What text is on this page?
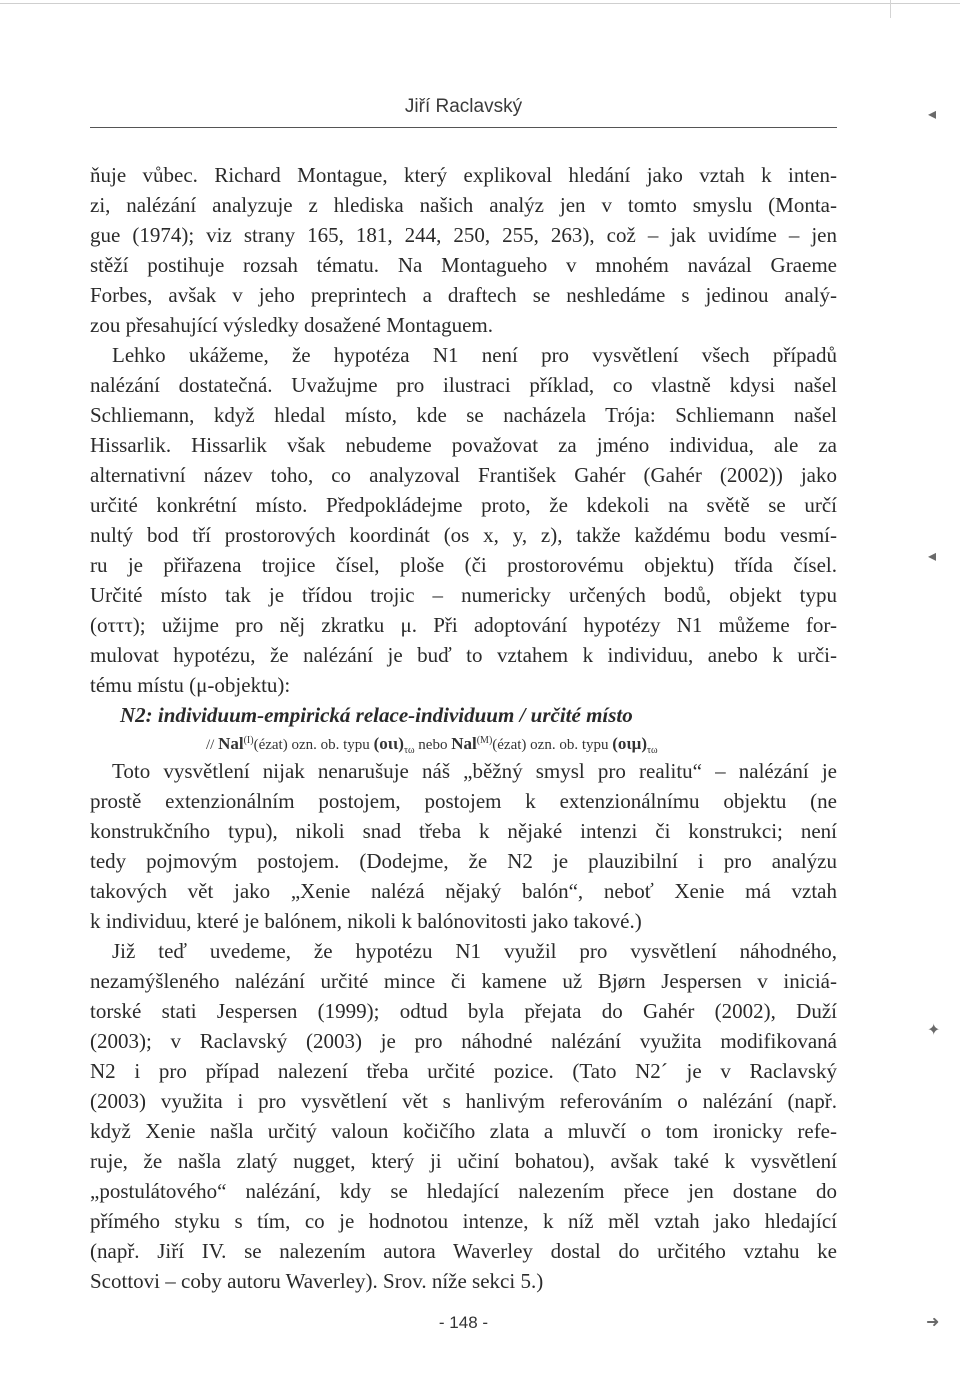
Jiří Raclavský
ňuje vůbec. Richard Montague, který explikoval hledání jako vztah k inten-
zi, nalézání analyzuje z hlediska našich analýz jen v tomto smyslu (Monta-
gue (1974); viz strany 165, 181, 244, 250, 255, 263), což – jak uvidíme – jen
stěží postihuje rozsah tématu. Na Montagueho v mnohém navázal Graeme
Forbes, avšak v jeho preprintech a draftech se neshledáme s jedinou analý-
zou přesahující výsledky dosažené Montaguem.
Lehko ukážeme, že hypotéza N1 není pro vysvětlení všech případů
nalézání dostatečná. Uvažujme pro ilustraci příklad, co vlastně kdysi našel
Schliemann, když hledal místo, kde se nacházela Trója: Schliemann našel
Hissarlik. Hissarlik však nebudeme považovat za jméno individua, ale za
alternativní název toho, co analyzoval František Gahér (Gahér (2002)) jako
určité konkrétní místo. Předpokládejme proto, že kdekoli na světě se určí
nultý bod tří prostorových koordinát (os x, y, z), takže každému bodu vesmí-
ru je přiřazena trojice čísel, ploše (či prostorovému objektu) třída čísel.
Určité místo tak je třídou trojic – numericky určených bodů, objekt typu
(οτττ); užijme pro něj zkratku μ. Při adoptování hypotézy N1 můžeme for-
mulovat hypotézu, že nalézání je buď to vztahem k individuu, anebo k urči-
tému místu (μ-objektu):
N2: individuum-empirická relace-individuum / určité místo
// Nal$^{(I)}$(ézat) ozn. ob. typu $(o\iota\iota)_{\tau\omega}$ nebo Nal$^{(M)}$(ézat) ozn. ob. typu $(o\iota\mu)_{\tau\omega}$
Toto vysvětlení nijak nenarušuje náš „běžný smysl pro realitu“ – nalézání je
prostě extenzionálním postojem, postojem k extenzionálnímu objektu (ne
konstrukčního typu), nikoli snad třeba k nějaké intenzi či konstrukci; není
tedy pojmovým postojem. (Dodejme, že N2 je plauzibilní i pro analýzu
takových vět jako „Xenie nalézá nějaký balón“, neboť Xenie má vztah
k individuu, které je balónem, nikoli k balónovitosti jako takové.)
Již teď uvedeme, že hypotézu N1 využil pro vysvětlení náhodného,
nezamýšleného nalézání určité mince či kamene už Bjørn Jespersen v iniciá-
torské stati Jespersen (1999); odtud byla přejata do Gahér (2002), Duží
(2003); v Raclavský (2003) je pro náhodné nalézání využita modifikovaná
N2 i pro případ nalezení třeba určité pozice. (Tato N2´ je v Raclavský
(2003) využita i pro vysvětlení vět s hanlivým referováním o nalézání (např.
když Xenie našla určitý valoun kočičího zlata a mluvčí o tom ironicky refe-
ruje, že našla zlatý nugget, který ji učiní bohatou), avšak také k vysvětlení
„postulátového“ nalézání, kdy se hledající nalezením přece jen dostane do
přímého styku s tím, co je hodnotou intenze, k níž měl vztah jako hledající
(např. Jiří IV. se nalezením autora Waverley dostal do určitého vztahu ke
Scottovi – coby autoru Waverley). Srov. níže sekci 5.)
- 148 -
◂
◂
✦
➜
